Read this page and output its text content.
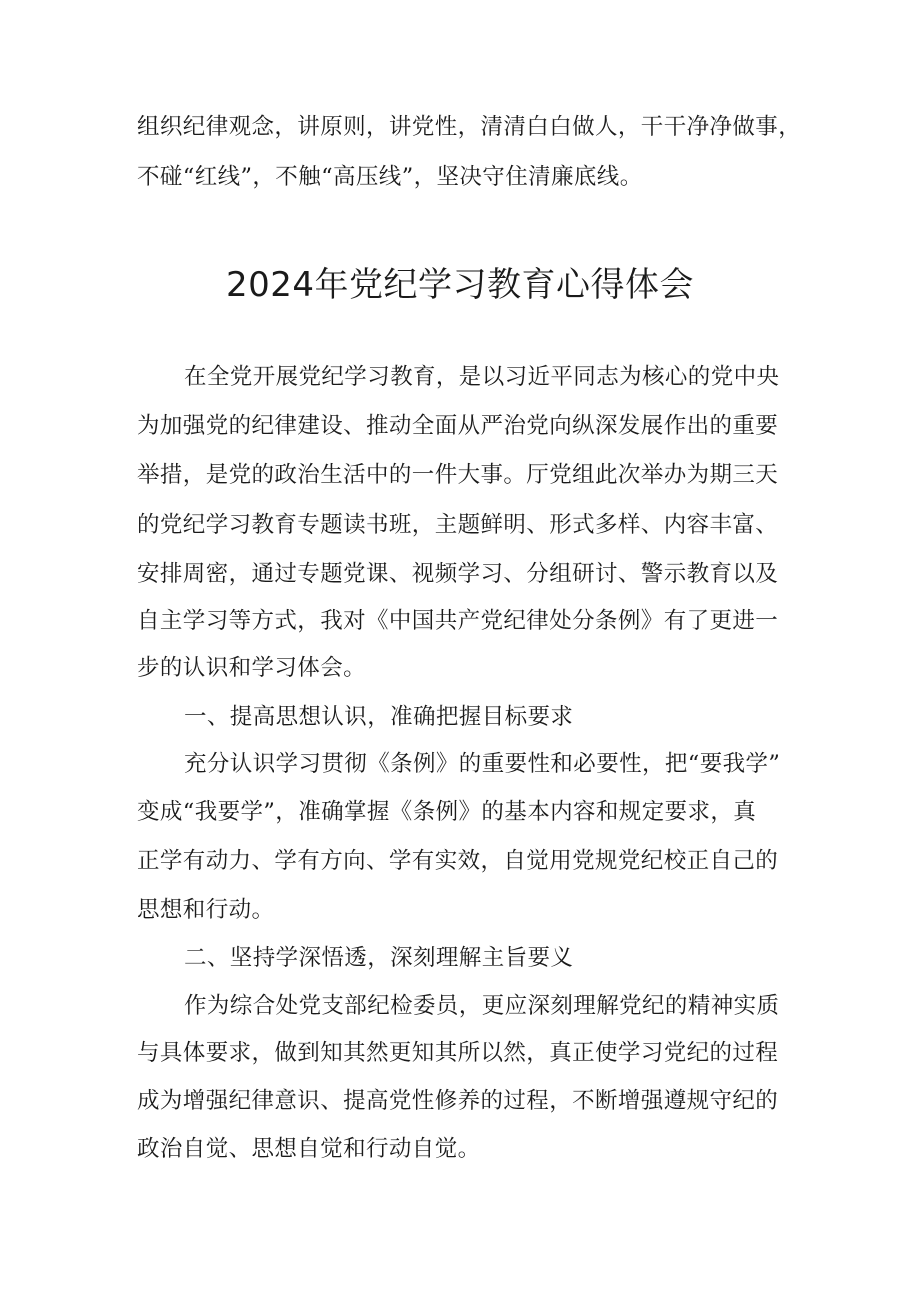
组织纪律观念，讲原则，讲党性，清清白白做人，干干净净做事，
不碰“红线”，不触“高压线”，坚决守住清廉底线。
2024年党纪学习教育心得体会
在全党开展党纪学习教育，是以习近平同志为核心的党中央
为加强党的纪律建设、推动全面从严治党向纵深发展作出的重要
举措，是党的政治生活中的一件大事。厅党组此次举办为期三天
的党纪学习教育专题读书班，主题鲜明、形式多样、内容丰富、
安排周密，通过专题党课、视频学习、分组研讨、警示教育以及
自主学习等方式，我对《中国共产党纪律处分条例》有了更进一
步的认识和学习体会。
一、提高思想认识，准确把握目标要求
充分认识学习贯彻《条例》的重要性和必要性，把“要我学”
变成“我要学”，准确掌握《条例》的基本内容和规定要求，真
正学有动力、学有方向、学有实效，自觉用党规党纪校正自己的
思想和行动。
二、坚持学深悟透，深刻理解主旨要义
作为综合处党支部纪检委员，更应深刻理解党纪的精神实质
与具体要求，做到知其然更知其所以然，真正使学习党纪的过程
成为增强纪律意识、提高党性修养的过程，不断增强遵规守纪的
政治自觉、思想自觉和行动自觉。
